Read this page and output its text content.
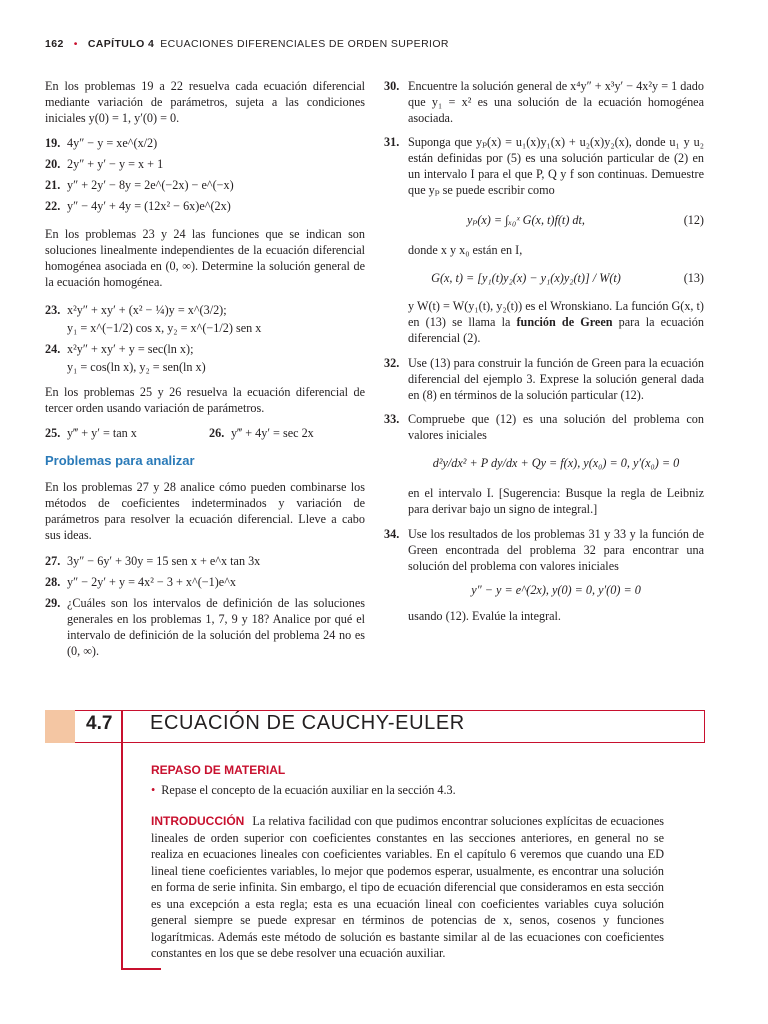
162 • CAPÍTULO 4 ECUACIONES DIFERENCIALES DE ORDEN SUPERIOR

En los problemas 19 a 22 resuelva cada ecuación diferencial mediante variación de parámetros, sujeta a las condiciones iniciales y(0) = 1, y′(0) = 0.

19. 4y″ − y = xe^(x/2)
20. 2y″ + y′ − y = x + 1
21. y″ + 2y′ − 8y = 2e^(−2x) − e^(−x)
22. y″ − 4y′ + 4y = (12x² − 6x)e^(2x)

En los problemas 23 y 24 las funciones que se indican son soluciones linealmente independientes de la ecuación diferencial homogénea asociada en (0, ∞). Determine la solución general de la ecuación homogénea.

23. x²y″ + xy′ + (x² − ¼)y = x^(3/2);
y₁ = x^(−1/2) cos x, y₂ = x^(−1/2) sen x
24. x²y″ + xy′ + y = sec(ln x);
y₁ = cos(ln x), y₂ = sen(ln x)

En los problemas 25 y 26 resuelva la ecuación diferencial de tercer orden usando variación de parámetros.

25. y‴ + y′ = tan x	26. y‴ + 4y′ = sec 2x
Problemas para analizar

En los problemas 27 y 28 analice cómo pueden combinarse los métodos de coeficientes indeterminados y variación de parámetros para resolver la ecuación diferencial. Lleve a cabo sus ideas.

27. 3y″ − 6y′ + 30y = 15 sen x + e^x tan 3x
28. y″ − 2y′ + y = 4x² − 3 + x^(−1)e^x
29. ¿Cuáles son los intervalos de definición de las soluciones generales en los problemas 1, 7, 9 y 18? Analice por qué el intervalo de definición de la solución del problema 24 no es (0, ∞).
30. Encuentre la solución general de x⁴y″ + x³y′ − 4x²y = 1 dado que y₁ = x² es una solución de la ecuación homogénea asociada.
31. Suponga que yₚ(x) = u₁(x)y₁(x) + u₂(x)y₂(x), donde u₁ y u₂ están definidas por (5) es una solución particular de (2) en un intervalo I para el que P, Q y f son continuas. Demuestre que yₚ se puede escribir como
yₚ(x) = ∫ₓ₀ˣ G(x, t)f(t) dt,	(12)

donde x y x₀ están en I,

G(x, t) = [y₁(t)y₂(x) − y₁(x)y₂(t)] / W(t)	(13)

y W(t) = W(y₁(t), y₂(t)) es el Wronskiano. La función G(x, t) en (13) se llama la función de Green para la ecuación diferencial (2).

32. Use (13) para construir la función de Green para la ecuación diferencial del ejemplo 3. Exprese la solución general dada en (8) en términos de la solución particular (12).
33. Compruebe que (12) es una solución del problema con valores iniciales
d²y/dx² + P dy/dx + Qy = f(x), y(x₀) = 0, y′(x₀) = 0

en el intervalo I. [Sugerencia: Busque la regla de Leibniz para derivar bajo un signo de integral.]

34. Use los resultados de los problemas 31 y 33 y la función de Green encontrada del problema 32 para encontrar una solución del problema con valores iniciales
y″ − y = e^(2x), y(0) = 0, y′(0) = 0

usando (12). Evalúe la integral.

4.7 ECUACIÓN DE CAUCHY-EULER
REPASO DE MATERIAL
• Repase el concepto de la ecuación auxiliar en la sección 4.3.
INTRODUCCIÓN La relativa facilidad con que pudimos encontrar soluciones explícitas de ecuaciones lineales de orden superior con coeficientes constantes en las secciones anteriores, en general no se realiza en ecuaciones lineales con coeficientes variables. En el capítulo 6 veremos que cuando una ED lineal tiene coeficientes variables, lo mejor que podemos esperar, usualmente, es encontrar una solución en forma de serie infinita. Sin embargo, el tipo de ecuación diferencial que consideramos en esta sección es una excepción a esta regla; esta es una ecuación lineal con coeficientes variables cuya solución general siempre se puede expresar en términos de potencias de x, senos, cosenos y funciones logarítmicas. Además este método de solución es bastante similar al de las ecuaciones con coeficientes constantes en los que se debe resolver una ecuación auxiliar.
